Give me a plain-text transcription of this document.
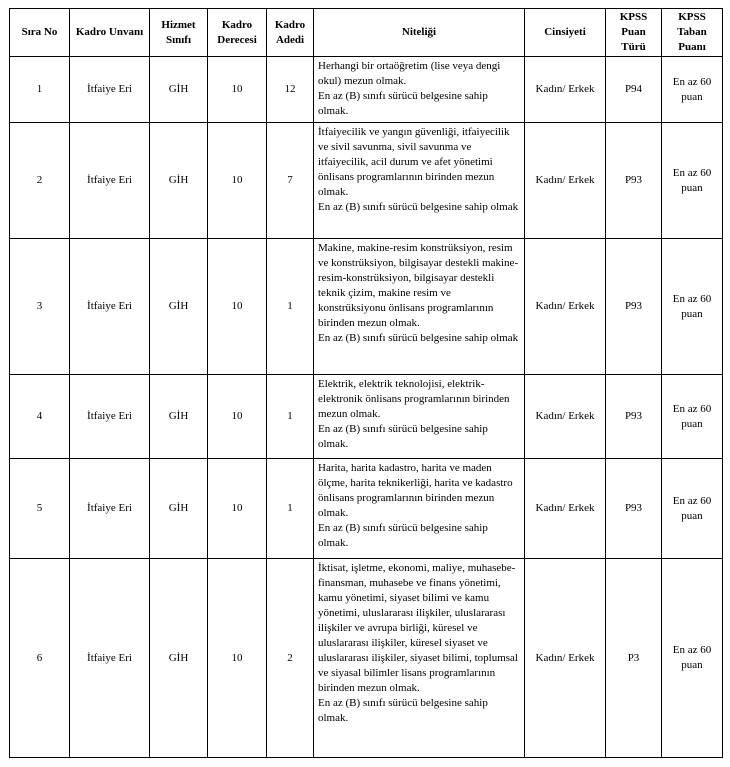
Sıra No	Kadro Unvanı	Hizmet Sınıfı	Kadro Derecesi	Kadro Adedi	Niteliği	Cinsiyeti	KPSS Puan Türü	KPSS Taban Puanı
1	İtfaiye Eri	GİH	10	12	Herhangi bir ortaöğretim (lise veya dengi okul) mezun olmak.
En az (B) sınıfı sürücü belgesine sahip olmak.	Kadın/ Erkek	P94	En az 60 puan
2	İtfaiye Eri	GİH	10	7	İtfaiyecilik ve yangın güvenliği, itfaiyecilik ve sivil savunma, sivil savunma ve itfaiyecilik, acil durum ve afet yönetimi önlisans programlarının birinden mezun olmak.
En az (B) sınıfı sürücü belgesine sahip olmak	Kadın/ Erkek	P93	En az 60 puan
3	İtfaiye Eri	GİH	10	1	Makine, makine-resim konstrüksiyon, resim ve konstrüksiyon, bilgisayar destekli makine-resim-konstrüksiyon, bilgisayar destekli teknik çizim, makine resim ve konstrüksiyonu önlisans programlarının birinden mezun olmak.
En az (B) sınıfı sürücü belgesine sahip olmak	Kadın/ Erkek	P93	En az 60 puan
4	İtfaiye Eri	GİH	10	1	Elektrik, elektrik teknolojisi, elektrik-elektronik önlisans programlarının birinden mezun olmak.
En az (B) sınıfı sürücü belgesine sahip olmak.	Kadın/ Erkek	P93	En az 60 puan
5	İtfaiye Eri	GİH	10	1	Harita, harita kadastro, harita ve maden ölçme, harita teknikerliği, harita ve kadastro önlisans programlarının birinden mezun olmak.
En az (B) sınıfı sürücü belgesine sahip olmak.	Kadın/ Erkek	P93	En az 60 puan
6	İtfaiye Eri	GİH	10	2	İktisat, işletme, ekonomi, maliye, muhasebe-finansman, muhasebe ve finans yönetimi, kamu yönetimi, siyaset bilimi ve kamu yönetimi, uluslararası ilişkiler, uluslararası ilişkiler ve avrupa birliği, küresel ve uluslararası ilişkiler, küresel siyaset ve uluslararası ilişkiler, siyaset bilimi, toplumsal ve siyasal bilimler lisans programlarının birinden mezun olmak.
En az (B) sınıfı sürücü belgesine sahip olmak.	Kadın/ Erkek	P3	En az 60 puan
